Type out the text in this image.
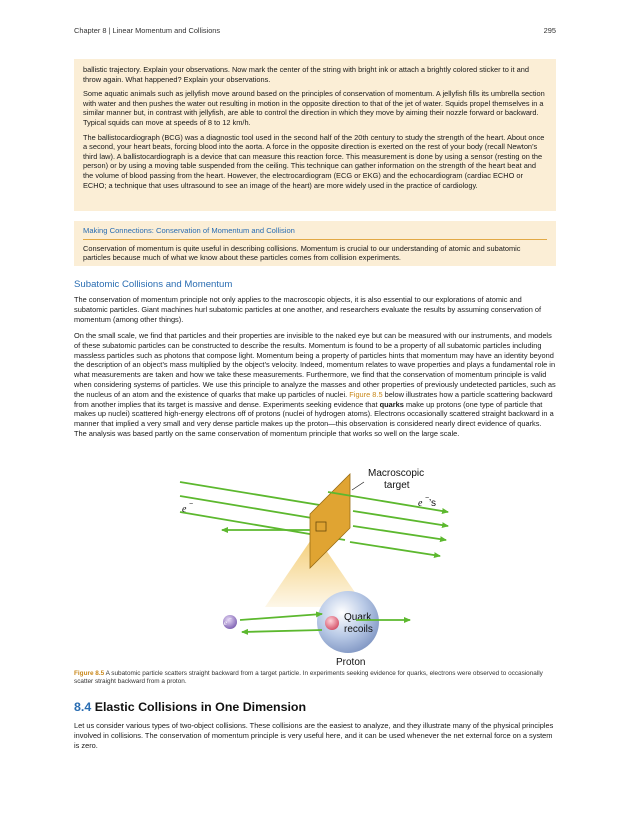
Chapter 8 | Linear Momentum and Collisions	295

ballistic trajectory. Explain your observations. Now mark the center of the string with bright ink or attach a brightly colored sticker to it and throw again. What happened? Explain your observations.

Some aquatic animals such as jellyfish move around based on the principles of conservation of momentum. A jellyfish fills its umbrella section with water and then pushes the water out resulting in motion in the opposite direction to that of the jet of water. Squids propel themselves in a similar manner but, in contrast with jellyfish, are able to control the direction in which they move by aiming their nozzle forward or backward. Typical squids can move at speeds of 8 to 12 km/h.

The ballistocardiograph (BCG) was a diagnostic tool used in the second half of the 20th century to study the strength of the heart. About once a second, your heart beats, forcing blood into the aorta. A force in the opposite direction is exerted on the rest of your body (recall Newton’s third law). A ballistocardiograph is a device that can measure this reaction force. This measurement is done by using a sensor (resting on the person) or by using a moving table suspended from the ceiling. This technique can gather information on the strength of the heart beat and the volume of blood passing from the heart. However, the electrocardiogram (ECG or EKG) and the echocardiogram (cardiac ECHO or ECHO; a technique that uses ultrasound to see an image of the heart) are more widely used in the practice of cardiology.

Making Connections: Conservation of Momentum and Collision
Conservation of momentum is quite useful in describing collisions. Momentum is crucial to our understanding of atomic and subatomic particles because much of what we know about these particles comes from collision experiments.
Subatomic Collisions and Momentum
The conservation of momentum principle not only applies to the macroscopic objects, it is also essential to our explorations of atomic and subatomic particles. Giant machines hurl subatomic particles at one another, and researchers evaluate the results by assuming conservation of momentum (among other things).
On the small scale, we find that particles and their properties are invisible to the naked eye but can be measured with our instruments, and models of these subatomic particles can be constructed to describe the results. Momentum is found to be a property of all subatomic particles including massless particles such as photons that compose light. Momentum being a property of particles hints that momentum may have an identity beyond the description of an object’s mass multiplied by the object’s velocity. Indeed, momentum relates to wave properties and plays a fundamental role in what measurements are taken and how we take these measurements. Furthermore, we find that the conservation of momentum principle is valid when considering systems of particles. We use this principle to analyze the masses and other properties of previously undetected particles, such as the nucleus of an atom and the existence of quarks that make up particles of nuclei. Figure 8.5 below illustrates how a particle scattering backward from another implies that its target is massive and dense. Experiments seeking evidence that quarks make up protons (one type of particle that makes up nuclei) scattered high-energy electrons off of protons (nuclei of hydrogen atoms). Electrons occasionally scattered straight backward in a manner that implied a very small and very dense particle makes up the proton—this observation is considered nearly direct evidence of quarks. The analysis was based partly on the same conservation of momentum principle that works so well on the large scale.
Macroscopic
target
e −	e − ’s
Quark
recoils
Proton
e −
Figure 8.5 A subatomic particle scatters straight backward from a target particle. In experiments seeking evidence for quarks, electrons were observed to occasionally scatter straight backward from a proton.
8.4 Elastic Collisions in One Dimension
Let us consider various types of two-object collisions. These collisions are the easiest to analyze, and they illustrate many of the physical principles involved in collisions. The conservation of momentum principle is very useful here, and it can be used whenever the net external force on a system is zero.
